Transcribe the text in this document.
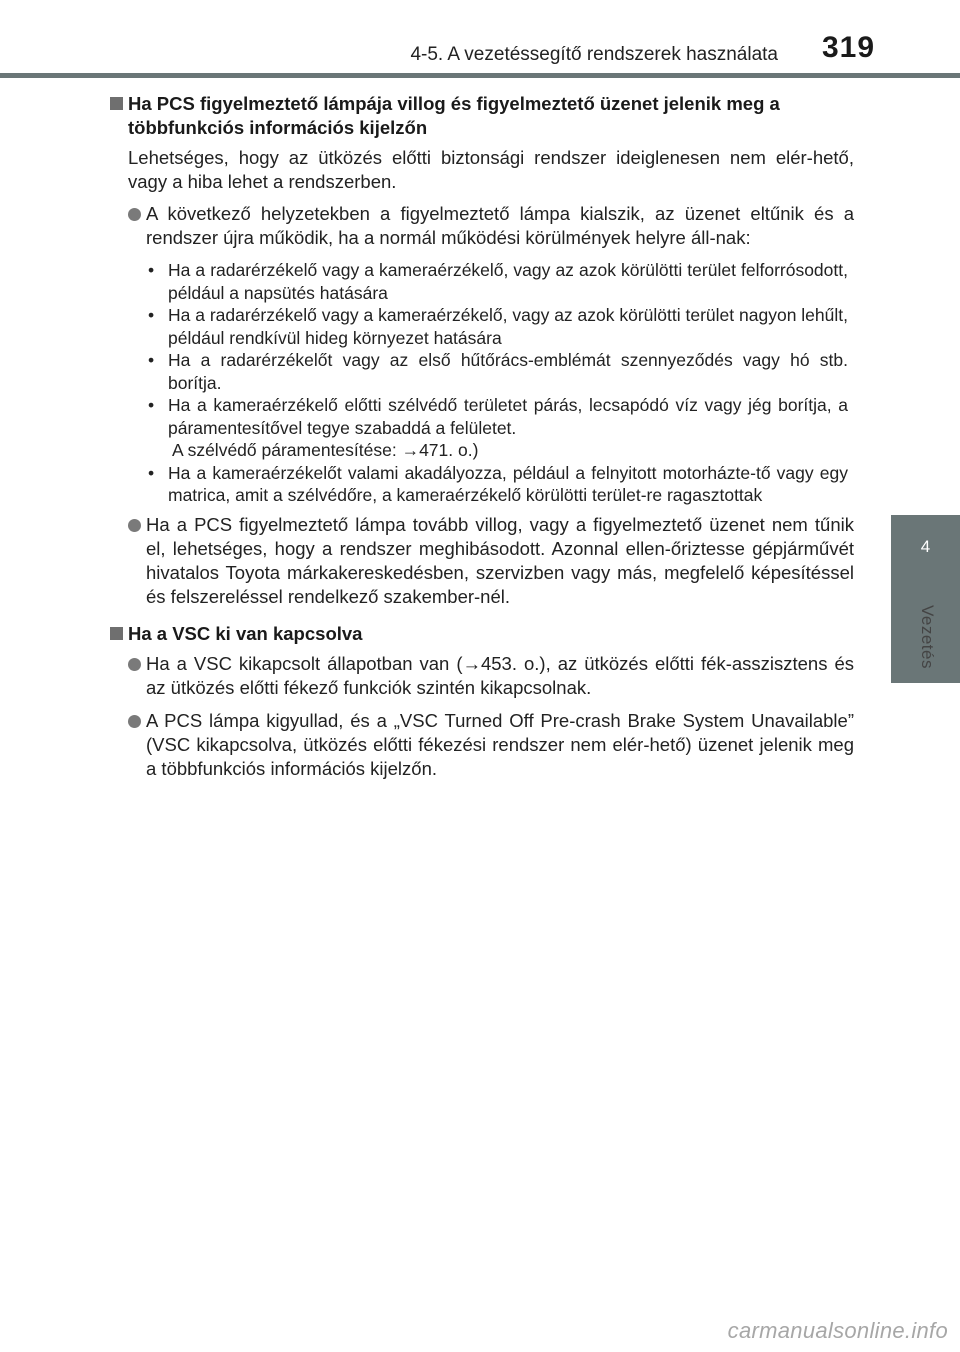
4-5. A vezetéssegítő rendszerek használata 319
4
Vezetés
Ha PCS figyelmeztető lámpája villog és figyelmeztető üzenet jelenik meg a többfunkciós információs kijelzőn

Lehetséges, hogy az ütközés előtti biztonsági rendszer ideiglenesen nem elér-hető, vagy a hiba lehet a rendszerben.

A következő helyzetekben a figyelmeztető lámpa kialszik, az üzenet eltűnik és a rendszer újra működik, ha a normál működési körülmények helyre áll-nak:
• Ha a radarérzékelő vagy a kameraérzékelő, vagy az azok körülötti terület felforrósodott, például a napsütés hatására
• Ha a radarérzékelő vagy a kameraérzékelő, vagy az azok körülötti terület nagyon lehűlt, például rendkívül hideg környezet hatására
• Ha a radarérzékelőt vagy az első hűtőrács-emblémát szennyeződés vagy hó stb. borítja.
• Ha a kameraérzékelő előtti szélvédő területet párás, lecsapódó víz vagy jég borítja, a páramentesítővel tegye szabaddá a felületet.
A szélvédő páramentesítése: →471. o.)
• Ha a kameraérzékelőt valami akadályozza, például a felnyitott motorházte-tő vagy egy matrica, amit a szélvédőre, a kameraérzékelő körülötti terület-re ragasztottak
Ha a PCS figyelmeztető lámpa tovább villog, vagy a figyelmeztető üzenet nem tűnik el, lehetséges, hogy a rendszer meghibásodott. Azonnal ellen-őriztesse gépjárművét hivatalos Toyota márkakereskedésben, szervizben vagy más, megfelelő képesítéssel és felszereléssel rendelkező szakember-nél.
Ha a VSC ki van kapcsolva
Ha a VSC kikapcsolt állapotban van (→453. o.), az ütközés előtti fék-asszisztens és az ütközés előtti fékező funkciók szintén kikapcsolnak.
A PCS lámpa kigyullad, és a „VSC Turned Off Pre-crash Brake System Unavailable” (VSC kikapcsolva, ütközés előtti fékezési rendszer nem elér-hető) üzenet jelenik meg a többfunkciós információs kijelzőn.
carmanualsonline.info
